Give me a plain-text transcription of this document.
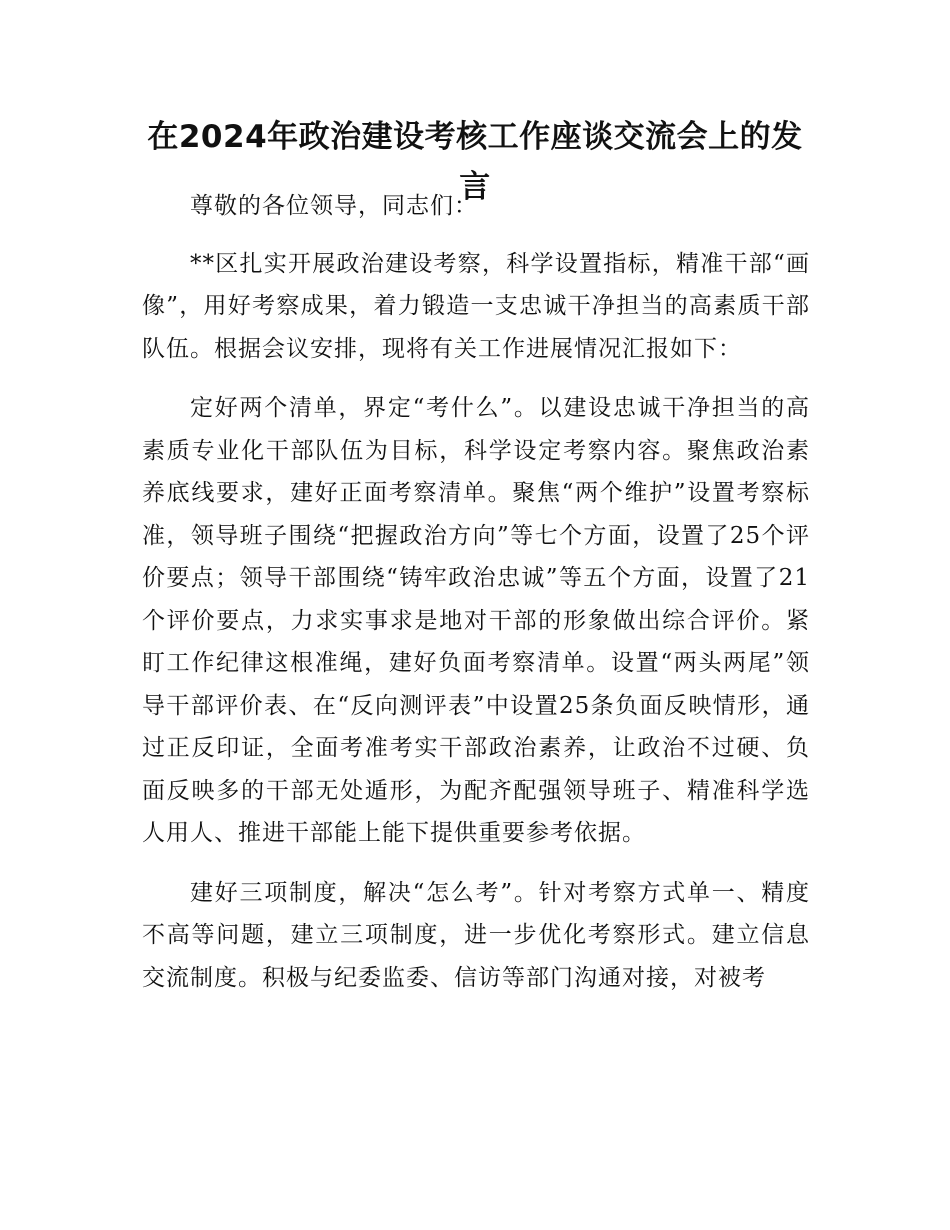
在2024年政治建设考核工作座谈交流会上的发言

尊敬的各位领导，同志们：

**区扎实开展政治建设考察，科学设置指标，精准干部“画像”，用好考察成果，着力锻造一支忠诚干净担当的高素质干部队伍。根据会议安排，现将有关工作进展情况汇报如下：

定好两个清单，界定“考什么”。以建设忠诚干净担当的高素质专业化干部队伍为目标，科学设定考察内容。聚焦政治素养底线要求，建好正面考察清单。聚焦“两个维护”设置考察标准，领导班子围绕“把握政治方向”等七个方面，设置了25个评价要点；领导干部围绕“铸牢政治忠诚”等五个方面，设置了21个评价要点，力求实事求是地对干部的形象做出综合评价。紧盯工作纪律这根准绳，建好负面考察清单。设置“两头两尾”领导干部评价表、在“反向测评表”中设置25条负面反映情形，通过正反印证，全面考准考实干部政治素养，让政治不过硬、负面反映多的干部无处遁形，为配齐配强领导班子、精准科学选人用人、推进干部能上能下提供重要参考依据。

建好三项制度，解决“怎么考”。针对考察方式单一、精度不高等问题，建立三项制度，进一步优化考察形式。建立信息交流制度。积极与纪委监委、信访等部门沟通对接，对被考
